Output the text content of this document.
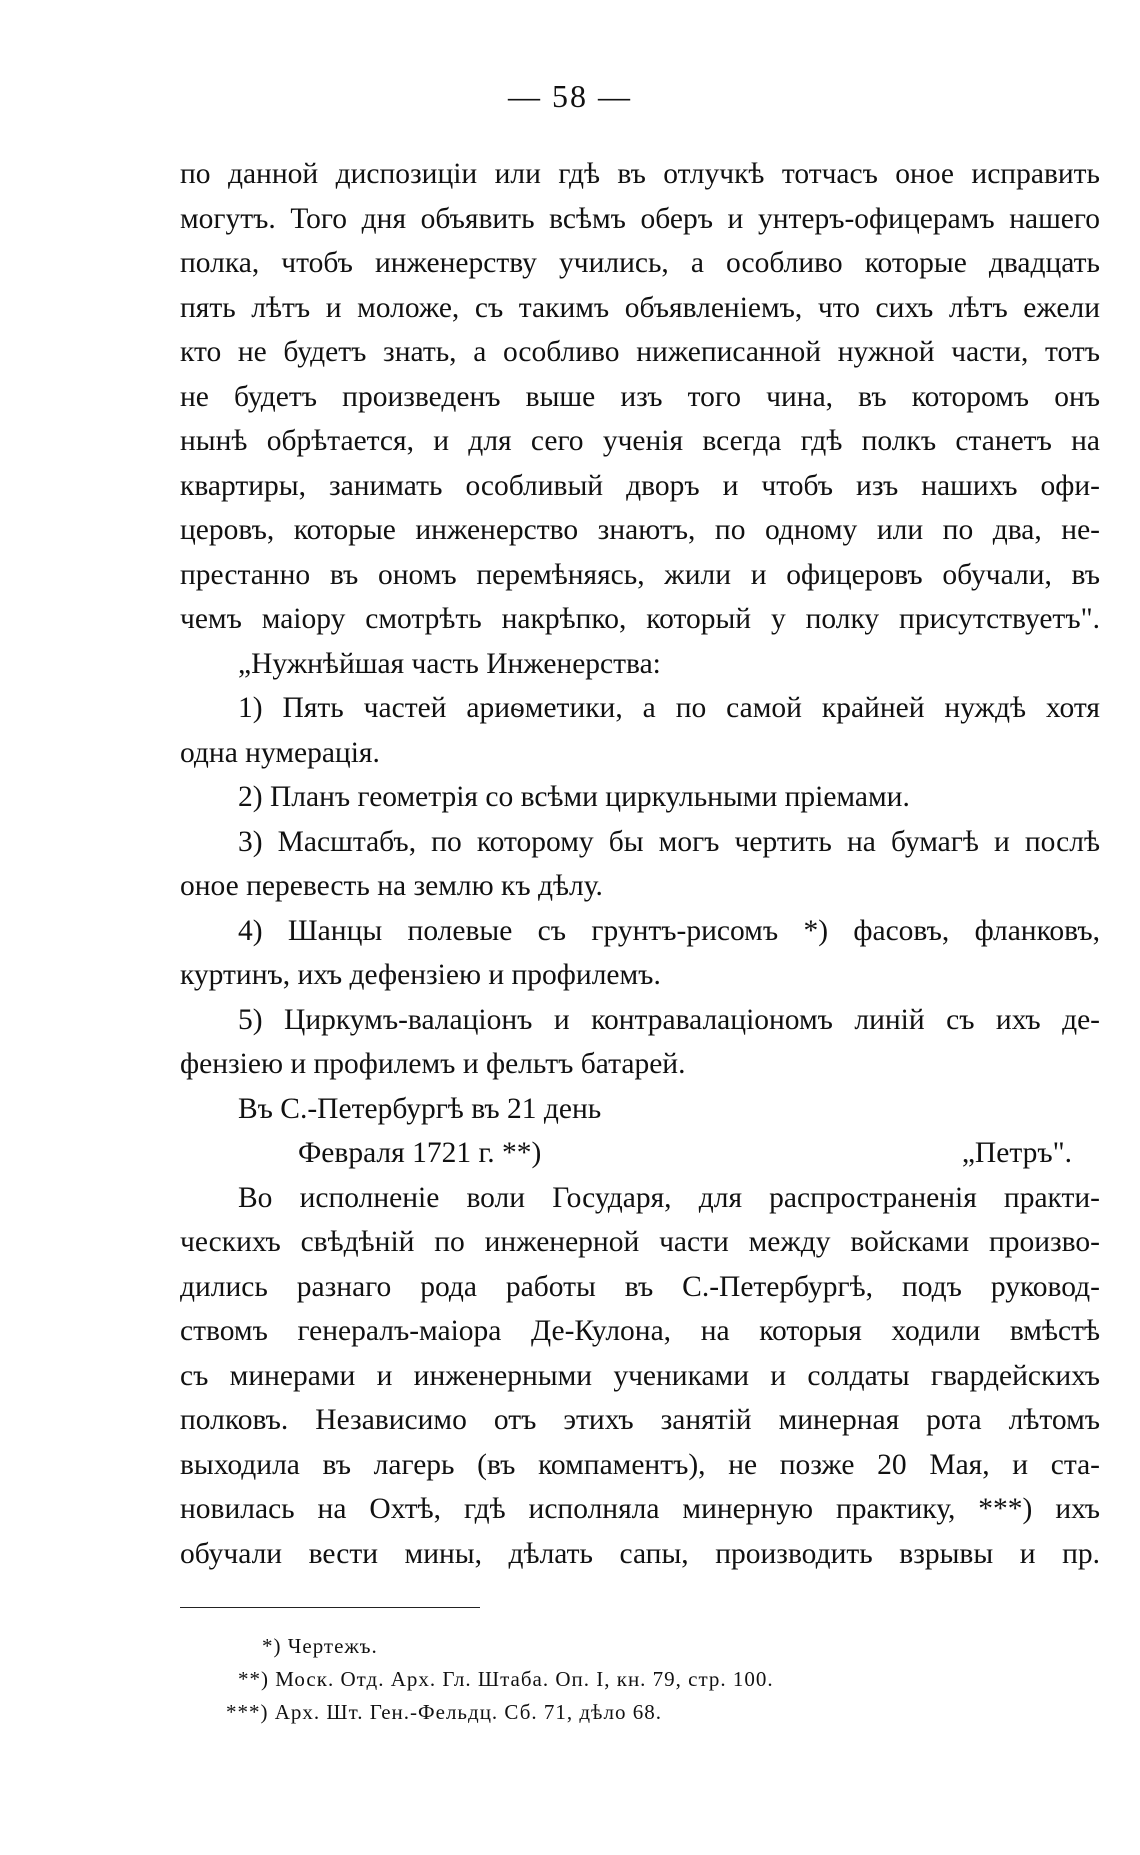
— 58 —
по данной диспозиціи или гдѣ въ отлучкѣ тотчасъ оное исправить
могутъ. Того дня объявить всѣмъ оберъ и унтеръ-офицерамъ нашего
полка, чтобъ инженерству учились, а особливо которые двадцать
пять лѣтъ и моложе, съ такимъ объявленіемъ, что сихъ лѣтъ ежели
кто не будетъ знать, а особливо нижеписанной нужной части, тотъ
не будетъ произведенъ выше изъ того чина, въ которомъ онъ
нынѣ обрѣтается, и для сего ученія всегда гдѣ полкъ станетъ на
квартиры, занимать особливый дворъ и чтобъ изъ нашихъ офи-
церовъ, которые инженерство знаютъ, по одному или по два, не-
престанно въ ономъ перемѣняясь, жили и офицеровъ обучали, въ
чемъ маіору смотрѣть накрѣпко, который у полку присутствуетъ".
„Нужнѣйшая часть Инженерства:
1) Пять частей ариѳметики, а по самой крайней нуждѣ хотя
одна нумерація.
2) Планъ геометрія со всѣми циркульными пріемами.
3) Масштабъ, по которому бы могъ чертить на бумагѣ и послѣ
оное перевесть на землю къ дѣлу.
4) Шанцы полевые съ грунтъ-рисомъ *) фасовъ, фланковъ,
куртинъ, ихъ дефензіею и профилемъ.
5) Циркумъ-валаціонъ и контравалаціономъ линій съ ихъ де-
фензіею и профилемъ и фельтъ батарей.
Въ С.-Петербургѣ въ 21 день
Февраля 1721 г. **)	„Петръ".
Во исполненіе воли Государя, для распространенія практи-
ческихъ свѣдѣній по инженерной части между войсками произво-
дились разнаго рода работы въ С.-Петербургѣ, подъ руковод-
ствомъ генералъ-маіора Де-Кулона, на которыя ходили вмѣстѣ
съ минерами и инженерными учениками и солдаты гвардейскихъ
полковъ. Независимо отъ этихъ занятій минерная рота лѣтомъ
выходила въ лагерь (въ компаментъ), не позже 20 Мая, и ста-
новилась на Охтѣ, гдѣ исполняла минерную практику, ***) ихъ
обучали вести мины, дѣлать сапы, производить взрывы и пр.
*) Чертежъ.
**) Моск. Отд. Арх. Гл. Штаба. Оп. I, кн. 79, стр. 100.
***) Арх. Шт. Ген.-Фельдц. Сб. 71, дѣло 68.
